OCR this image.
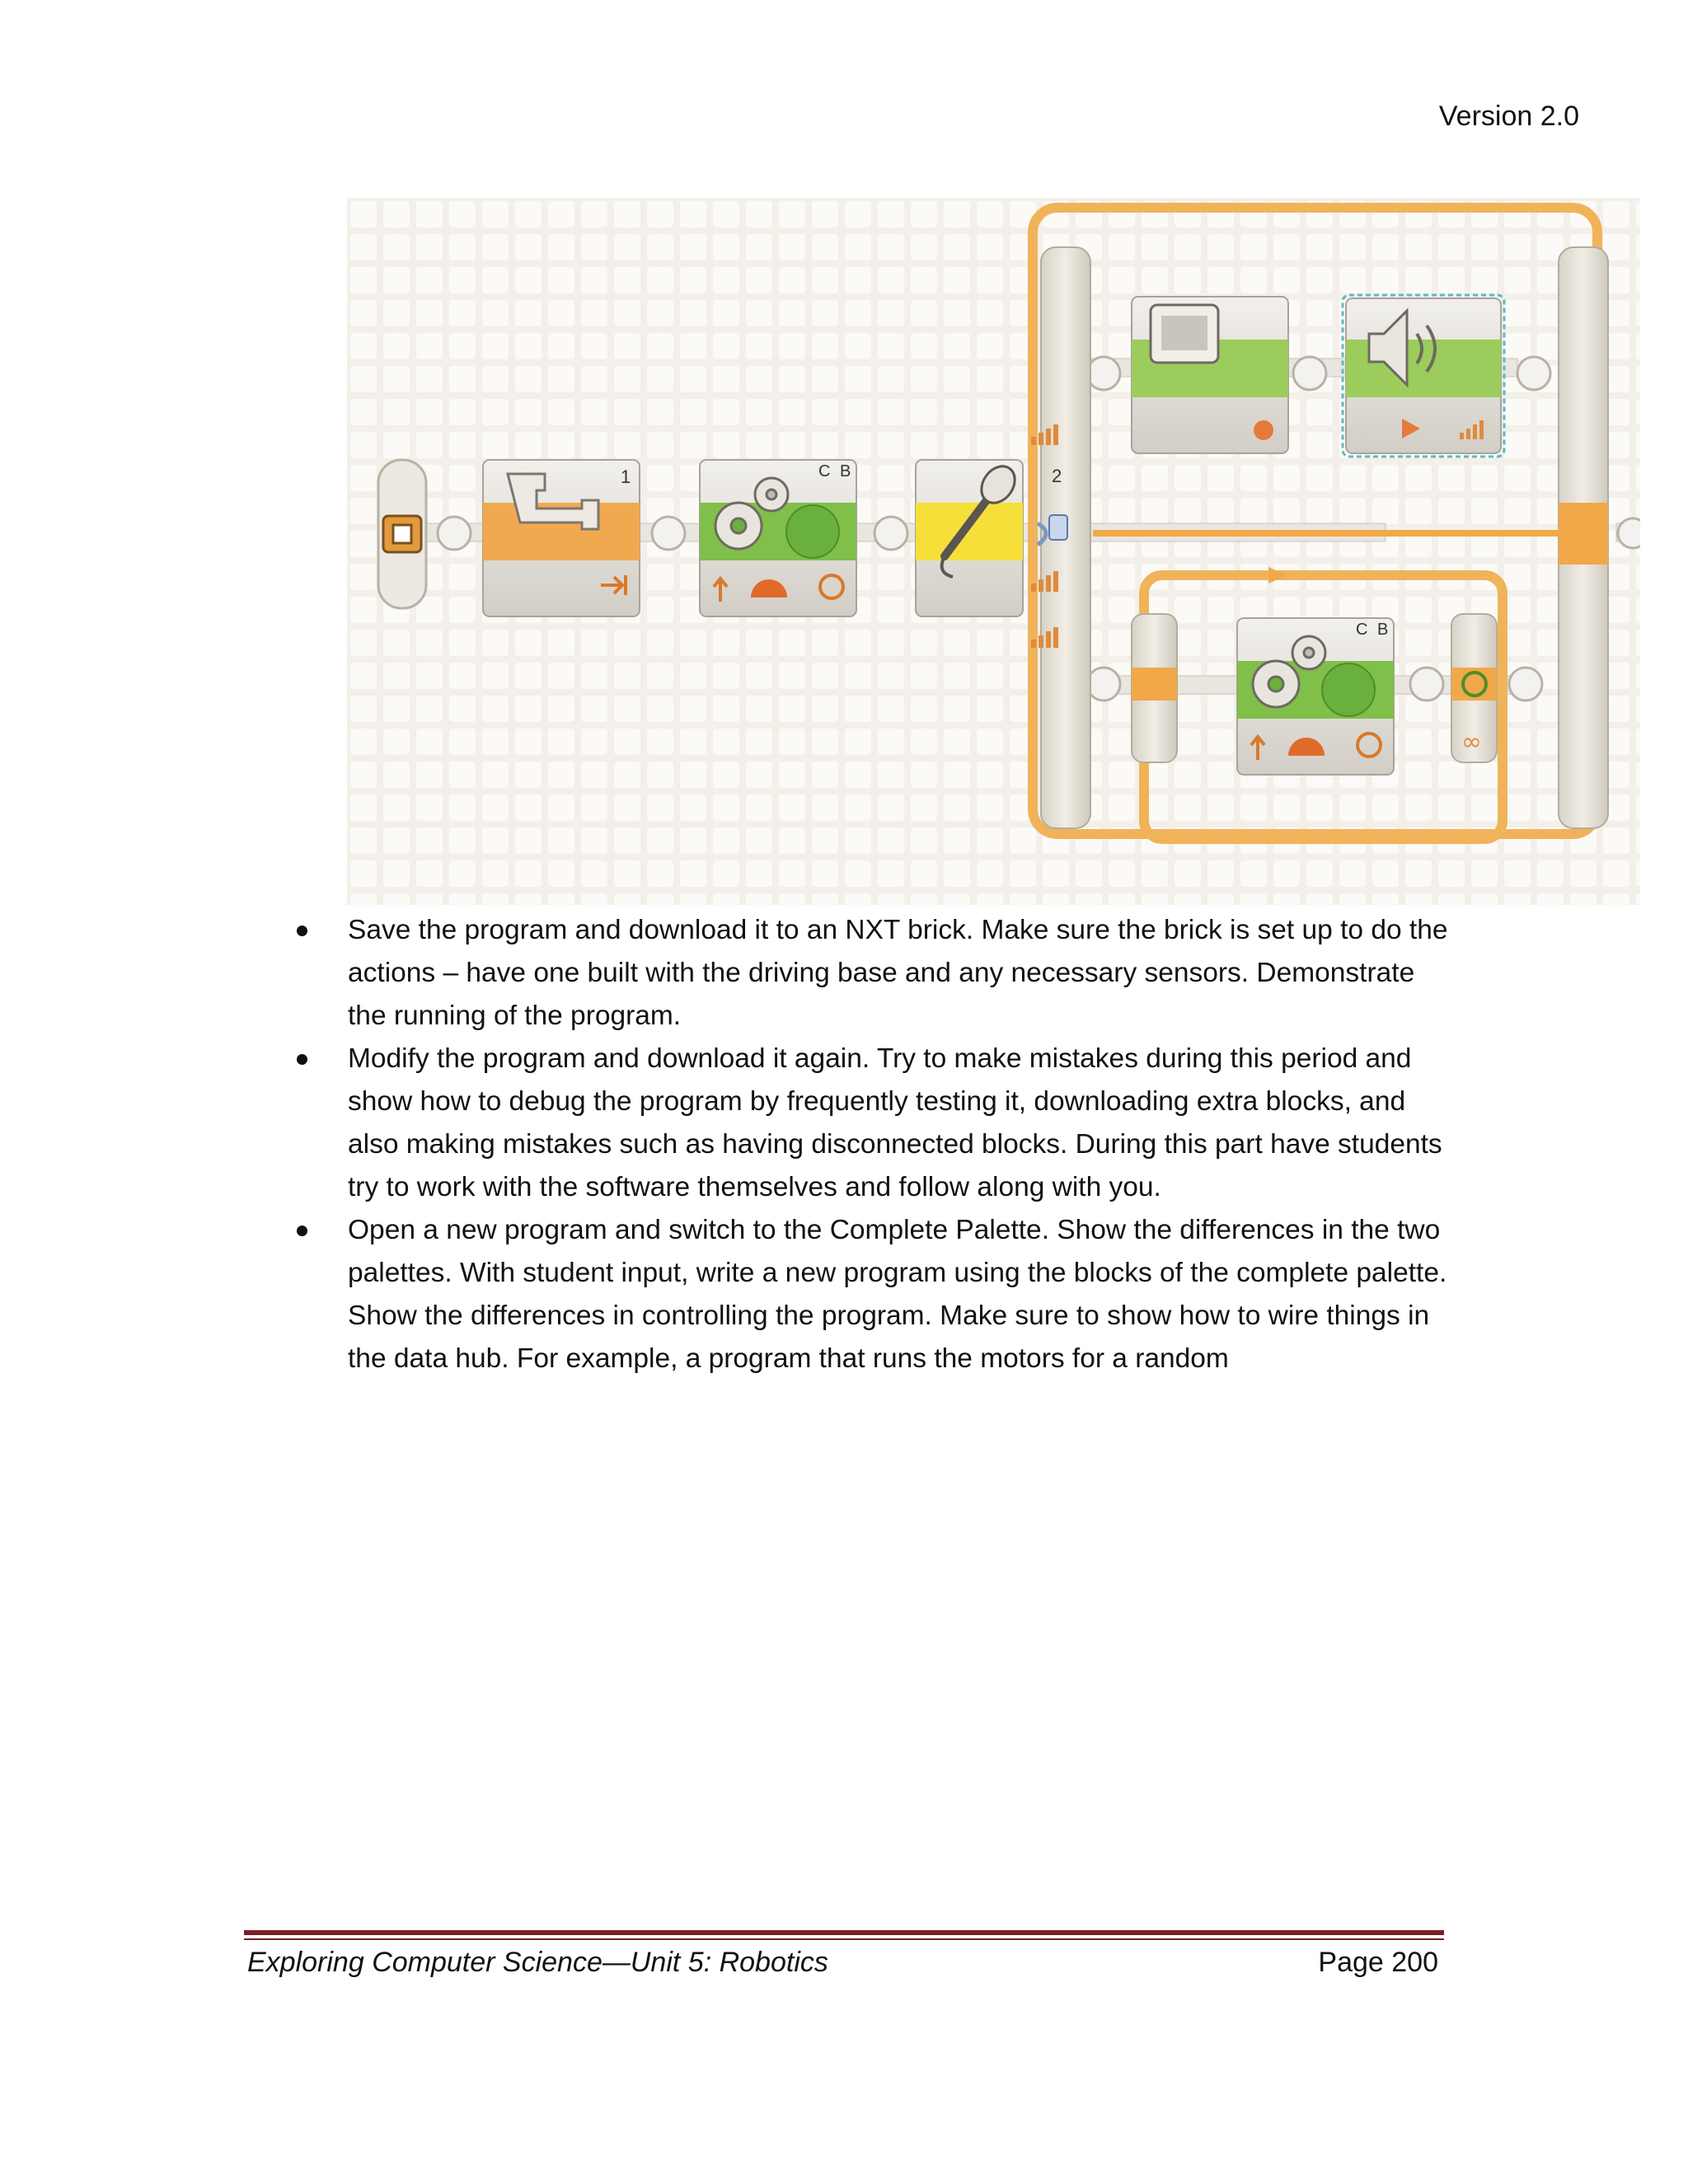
Version 2.0
1	C B	2
∞
C B
Save the program and download it to an NXT brick. Make sure the brick is set up to do the actions – have one built with the driving base and any necessary sensors. Demonstrate the running of the program.
Modify the program and download it again. Try to make mistakes during this period and show how to debug the program by frequently testing it, downloading extra blocks, and also making mistakes such as having disconnected blocks. During this part have students try to work with the software themselves and follow along with you.
Open a new program and switch to the Complete Palette. Show the differences in the two palettes. With student input, write a new program using the blocks of the complete palette. Show the differences in controlling the program. Make sure to show how to wire things in the data hub. For example, a program that runs the motors for a random
Exploring Computer Science—Unit 5: Robotics	Page 200
